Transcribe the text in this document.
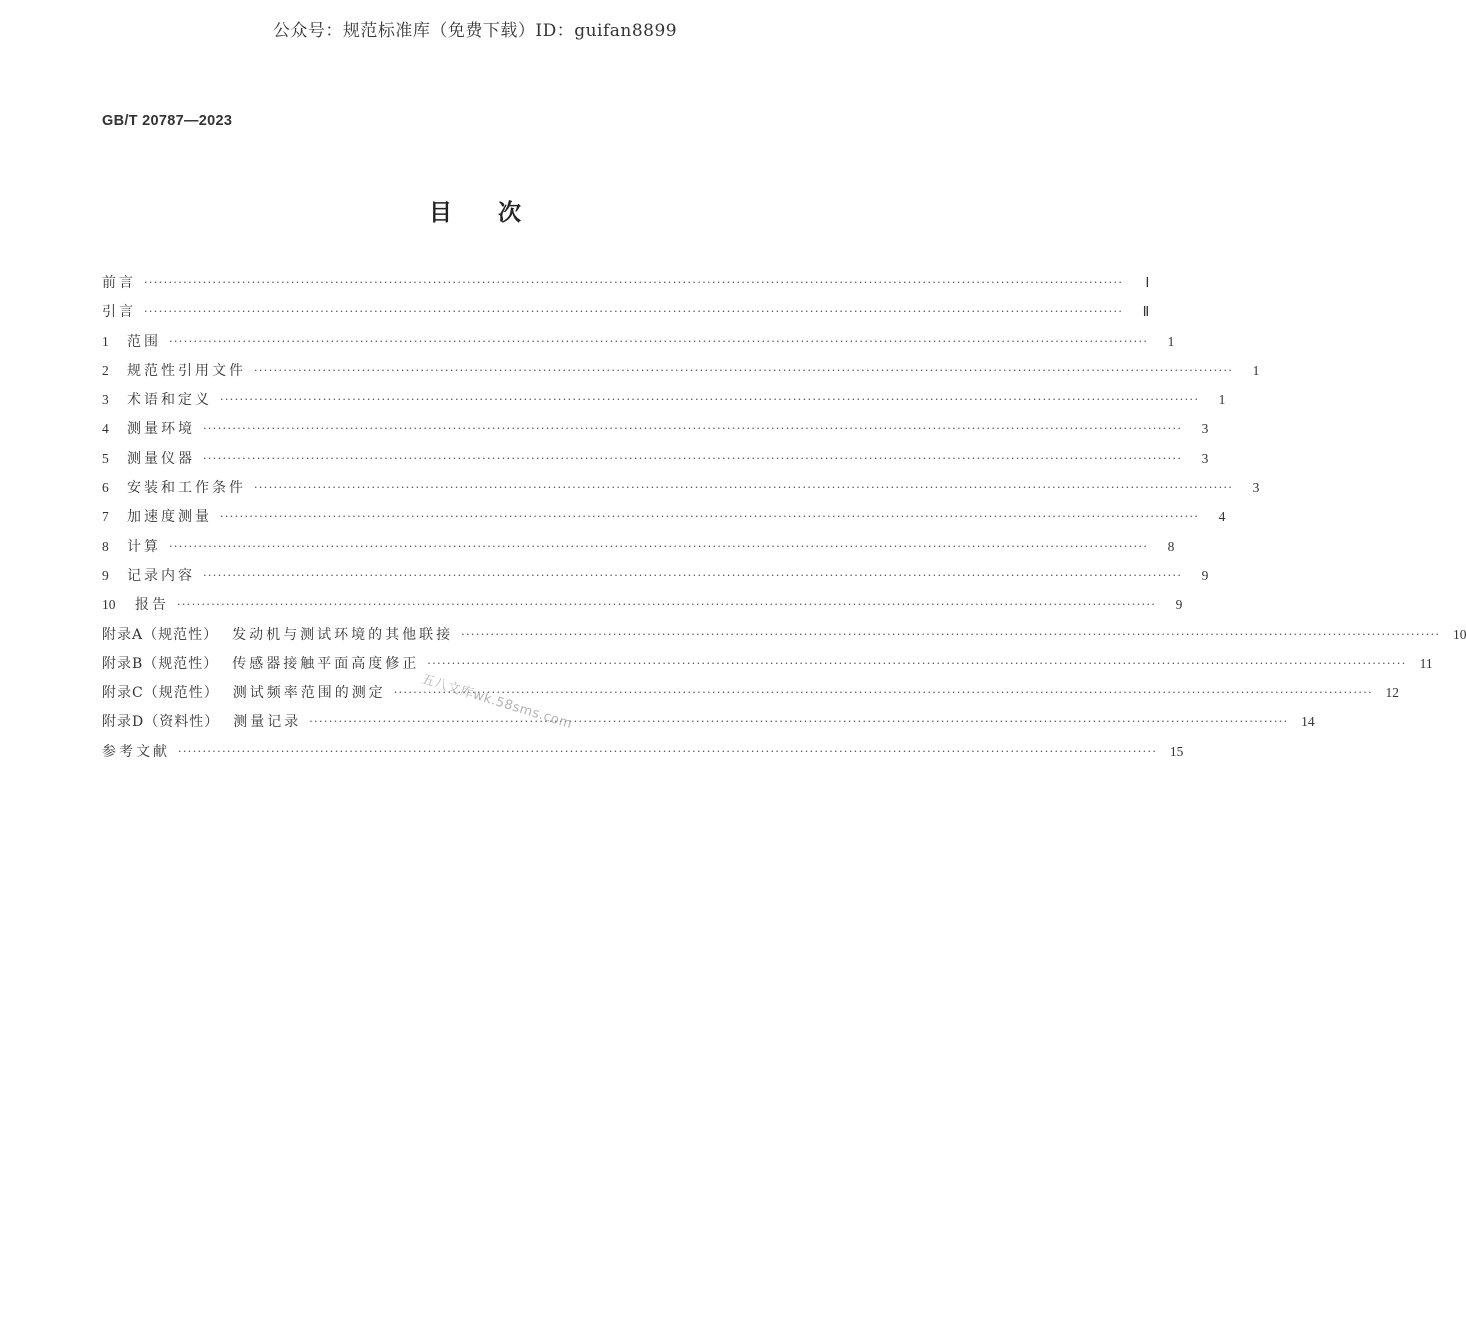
公众号：规范标准库（免费下载）ID：guifan8899
GB/T 20787—2023
目次
前言 ········································································································································································································	Ⅰ
引言 ········································································································································································································	Ⅱ
1	范围 ········································································································································································································	1
2	规范性引用文件 ········································································································································································································	1
3	术语和定义 ········································································································································································································	1
4	测量环境 ········································································································································································································	3
5	测量仪器 ········································································································································································································	3
6	安装和工作条件 ········································································································································································································	3
7	加速度测量 ········································································································································································································	4
8	计算 ········································································································································································································	8
9	记录内容 ········································································································································································································	9
10	报告 ········································································································································································································	9
附录A（规范性） 发动机与测试环境的其他联接 ········································································································································································································ 10
附录B（规范性） 传感器接触平面高度修正 ········································································································································································································ 11
附录C（规范性） 测试频率范围的测定 ········································································································································································································ 12
附录D（资料性） 测量记录 ········································································································································································································ 14
参考文献 ········································································································································································································ 15
五八文库wk.58sms.com
